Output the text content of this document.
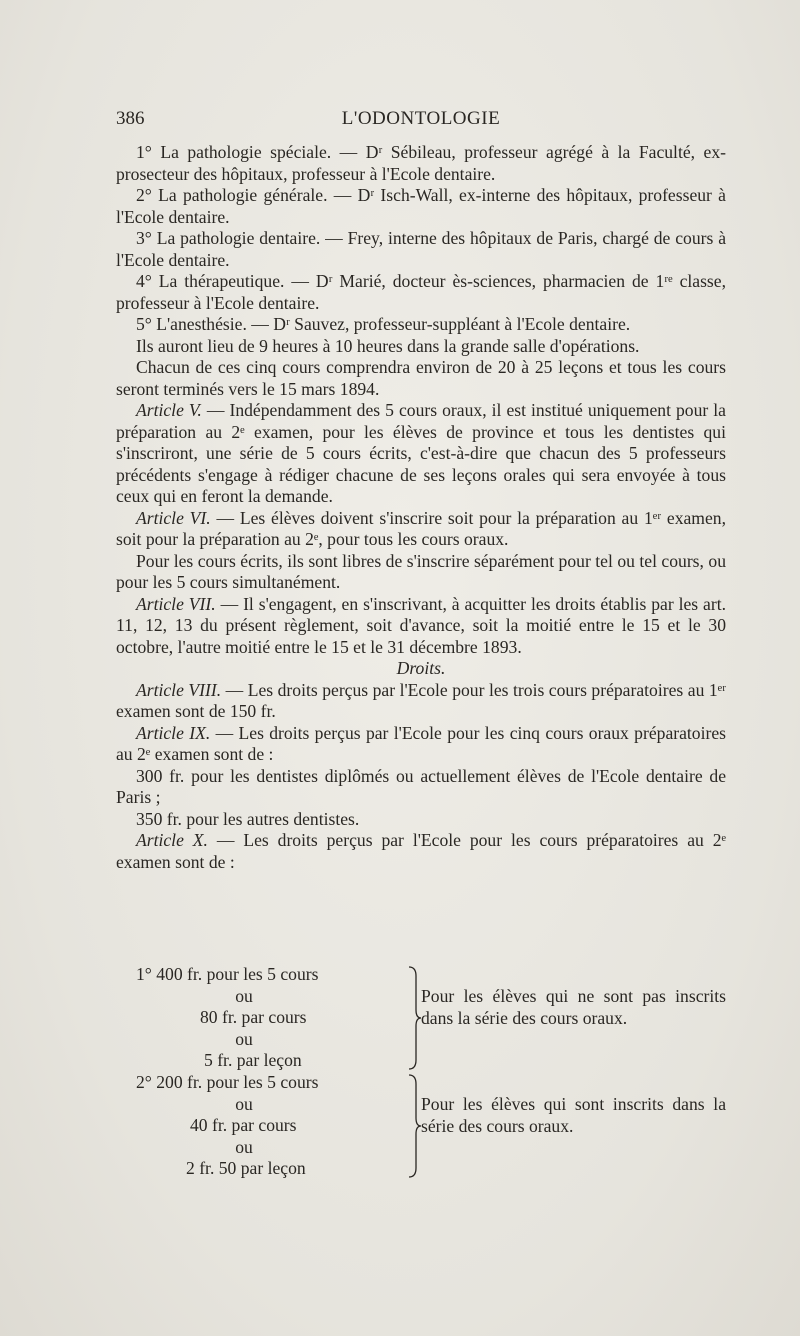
386	L'ODONTOLOGIE

1° La pathologie spéciale. — Dʳ Sébileau, professeur agrégé à la Faculté, ex-prosecteur des hôpitaux, professeur à l'Ecole dentaire.

2° La pathologie générale. — Dʳ Isch-Wall, ex-interne des hôpitaux, professeur à l'Ecole dentaire.

3° La pathologie dentaire. — Frey, interne des hôpitaux de Paris, chargé de cours à l'Ecole dentaire.

4° La thérapeutique. — Dʳ Marié, docteur ès-sciences, pharmacien de 1ʳᵉ classe, professeur à l'Ecole dentaire.

5° L'anesthésie. — Dʳ Sauvez, professeur-suppléant à l'Ecole dentaire.

Ils auront lieu de 9 heures à 10 heures dans la grande salle d'opérations.

Chacun de ces cinq cours comprendra environ de 20 à 25 leçons et tous les cours seront terminés vers le 15 mars 1894.

Article V. — Indépendamment des 5 cours oraux, il est institué uniquement pour la préparation au 2ᵉ examen, pour les élèves de province et tous les dentistes qui s'inscriront, une série de 5 cours écrits, c'est-à-dire que chacun des 5 professeurs précédents s'engage à rédiger chacune de ses leçons orales qui sera envoyée à tous ceux qui en feront la demande.

Article VI. — Les élèves doivent s'inscrire soit pour la préparation au 1ᵉʳ examen, soit pour la préparation au 2ᵉ, pour tous les cours oraux.

Pour les cours écrits, ils sont libres de s'inscrire séparément pour tel ou tel cours, ou pour les 5 cours simultanément.

Article VII. — Il s'engagent, en s'inscrivant, à acquitter les droits établis par les art. 11, 12, 13 du présent règlement, soit d'avance, soit la moitié entre le 15 et le 30 octobre, l'autre moitié entre le 15 et le 31 décembre 1893.

Droits.

Article VIII. — Les droits perçus par l'Ecole pour les trois cours préparatoires au 1ᵉʳ examen sont de 150 fr.

Article IX. — Les droits perçus par l'Ecole pour les cinq cours oraux préparatoires au 2ᵉ examen sont de :

300 fr. pour les dentistes diplômés ou actuellement élèves de l'Ecole dentaire de Paris ;

350 fr. pour les autres dentistes.

Article X. — Les droits perçus par l'Ecole pour les cours préparatoires au 2ᵉ examen sont de :

1° 400 fr. pour les 5 cours
ou
80 fr. par cours
ou
5 fr. par leçon
Pour les élèves qui ne sont pas inscrits dans la série des cours oraux.
2° 200 fr. pour les 5 cours
ou
40 fr. par cours
ou
2 fr. 50 par leçon
Pour les élèves qui sont inscrits dans la série des cours oraux.
